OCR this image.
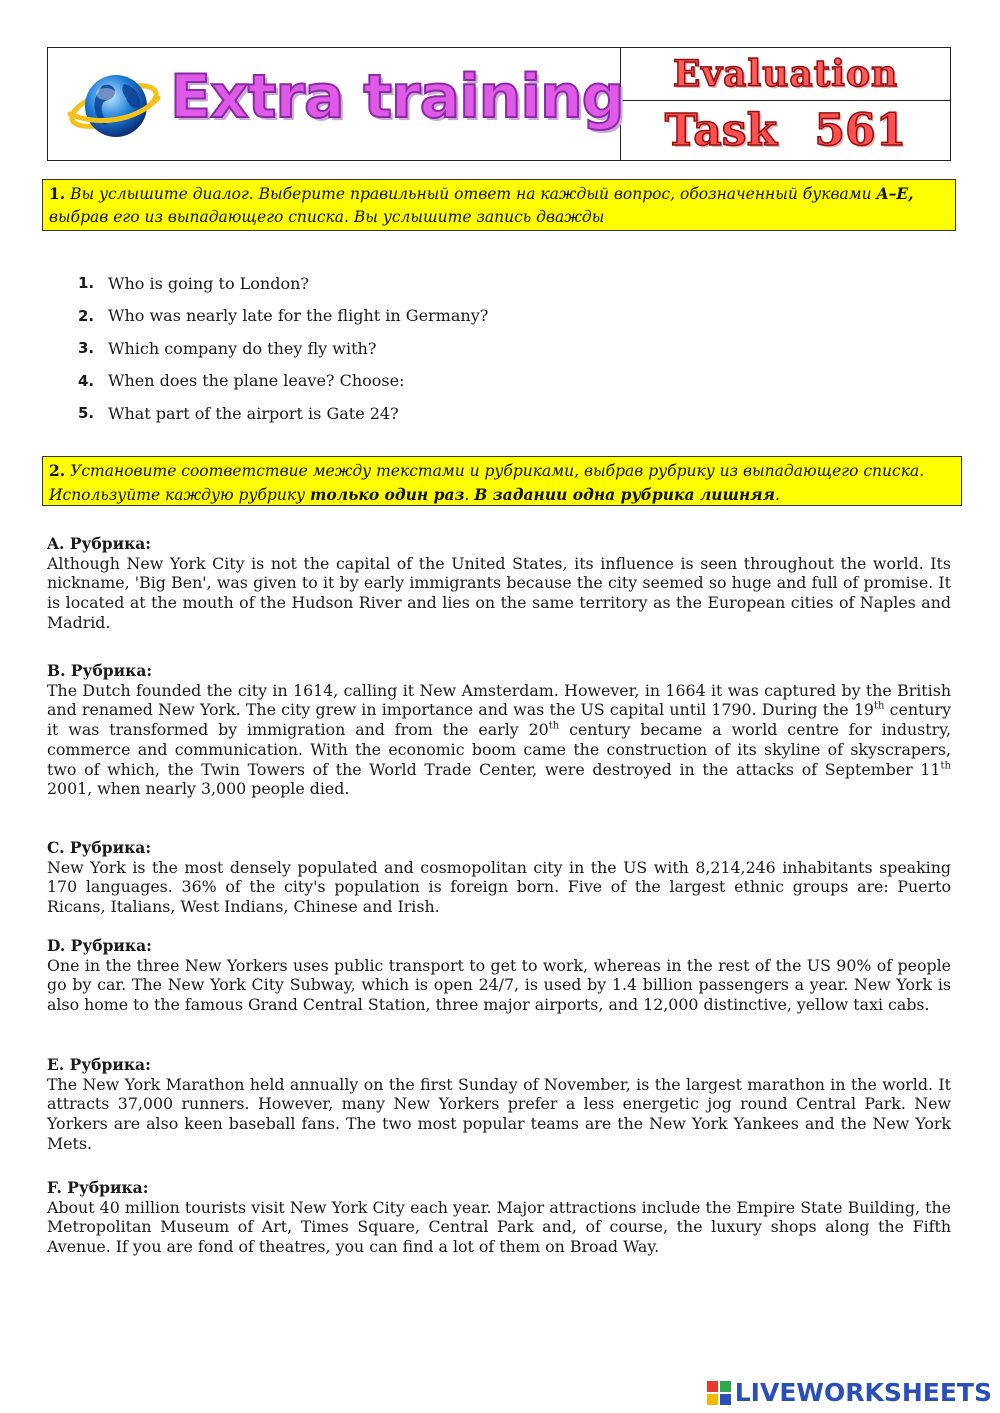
Extra training Evaluation
Task 561
1. Вы услышите диалог. Выберите правильный ответ на каждый вопрос, обозначенный буквами A–E, выбрав его из выпадающего списка. Вы услышите запись дважды
1. Who is going to London?
2. Who was nearly late for the flight in Germany?
3. Which company do they fly with?
4. When does the plane leave? Choose:
5. What part of the airport is Gate 24?
2. Установите соответствие между текстами и рубриками, выбрав рубрику из выпадающего списка. Используйте каждую рубрику только один раз. В задании одна рубрика лишняя.
A. Рубрика:
Although New York City is not the capital of the United States, its influence is seen throughout the world. Its nickname, 'Big Ben', was given to it by early immigrants because the city seemed so huge and full of promise. It is located at the mouth of the Hudson River and lies on the same territory as the European cities of Naples and Madrid.
B. Рубрика:
The Dutch founded the city in 1614, calling it New Amsterdam. However, in 1664 it was captured by the British and renamed New York. The city grew in importance and was the US capital until 1790. During the 19th century it was transformed by immigration and from the early 20th century became a world centre for industry, commerce and communication. With the economic boom came the construction of its skyline of skyscrapers, two of which, the Twin Towers of the World Trade Center, were destroyed in the attacks of September 11th 2001, when nearly 3,000 people died.
C. Рубрика:
New York is the most densely populated and cosmopolitan city in the US with 8,214,246 inhabitants speaking 170 languages. 36% of the city's population is foreign born. Five of the largest ethnic groups are: Puerto Ricans, Italians, West Indians, Chinese and Irish.
D. Рубрика:
One in the three New Yorkers uses public transport to get to work, whereas in the rest of the US 90% of people go by car. The New York City Subway, which is open 24/7, is used by 1.4 billion passengers a year. New York is also home to the famous Grand Central Station, three major airports, and 12,000 distinctive, yellow taxi cabs.
E. Рубрика:
The New York Marathon held annually on the first Sunday of November, is the largest marathon in the world. It attracts 37,000 runners. However, many New Yorkers prefer a less energetic jog round Central Park. New Yorkers are also keen baseball fans. The two most popular teams are the New York Yankees and the New York Mets.
F. Рубрика:
About 40 million tourists visit New York City each year. Major attractions include the Empire State Building, the Metropolitan Museum of Art, Times Square, Central Park and, of course, the luxury shops along the Fifth Avenue. If you are fond of theatres, you can find a lot of them on Broad Way.
LIVEWORKSHEETS
